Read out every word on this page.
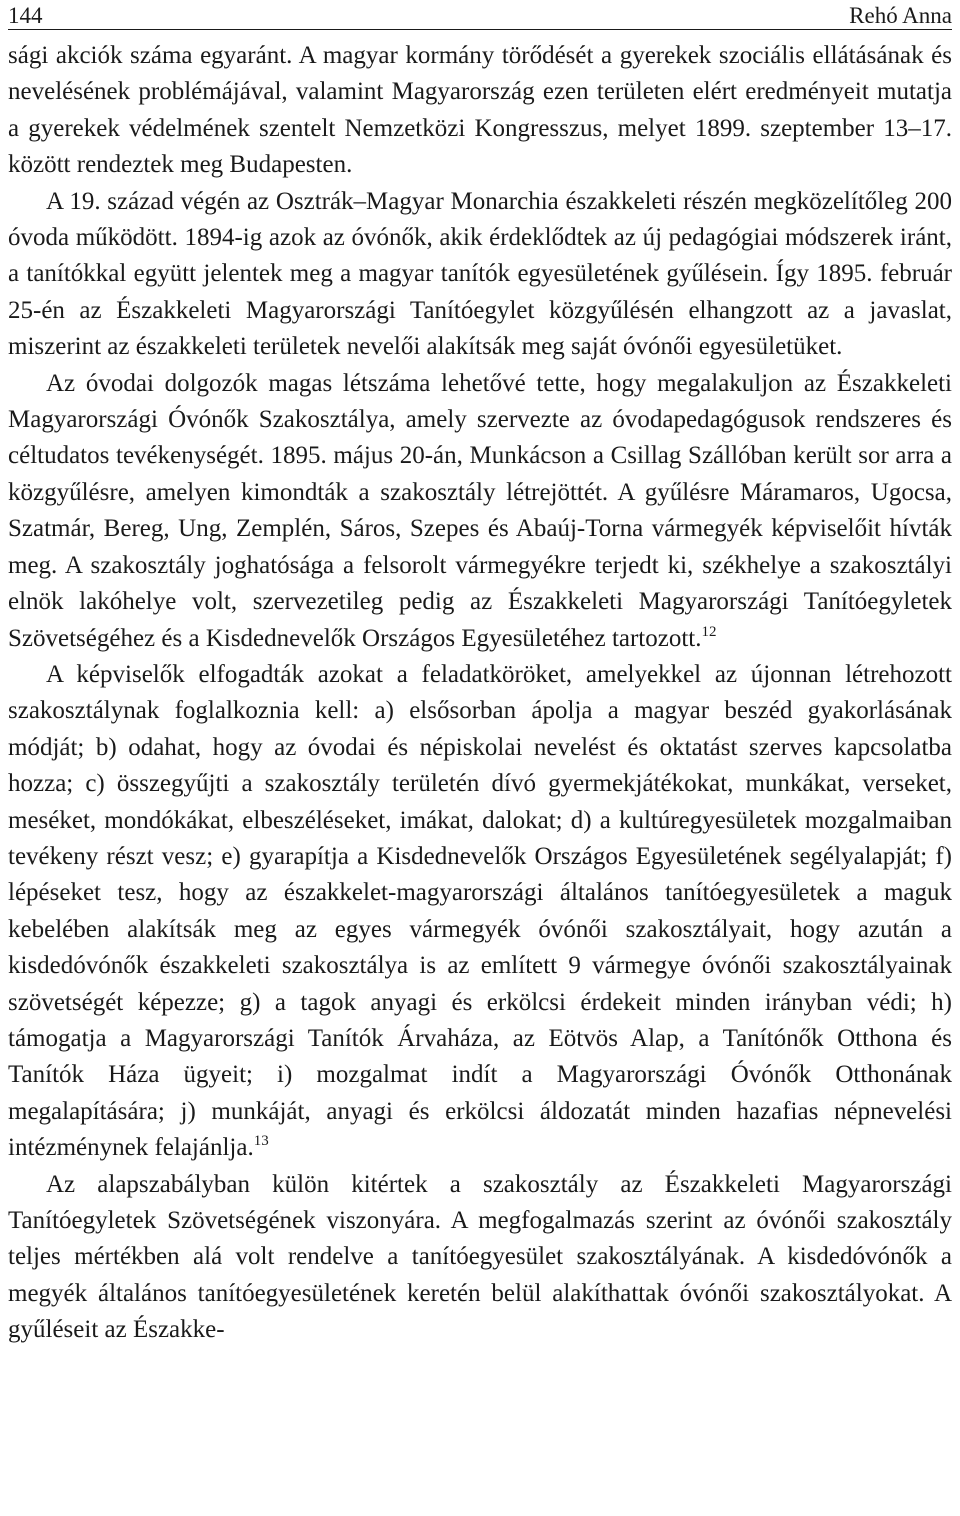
144	Rehó Anna

sági akciók száma egyaránt. A magyar kormány törődését a gyerekek szociális ellátásának és nevelésének problémájával, valamint Magyarország ezen területen elért eredményeit mutatja a gyerekek védelmének szentelt Nemzetközi Kongresszus, melyet 1899. szeptember 13–17. között rendeztek meg Budapesten.

A 19. század végén az Osztrák–Magyar Monarchia északkeleti részén megközelítőleg 200 óvoda működött. 1894-ig azok az óvónők, akik érdeklődtek az új pedagógiai módszerek iránt, a tanítókkal együtt jelentek meg a magyar tanítók egyesületének gyűlésein. Így 1895. február 25-én az Északkeleti Magyarországi Tanítóegylet közgyűlésén elhangzott az a javaslat, miszerint az északkeleti területek nevelői alakítsák meg saját óvónői egyesületüket.

Az óvodai dolgozók magas létszáma lehetővé tette, hogy megalakuljon az Északkeleti Magyarországi Óvónők Szakosztálya, amely szervezte az óvodapedagógusok rendszeres és céltudatos tevékenységét. 1895. május 20-án, Munkácson a Csillag Szállóban került sor arra a közgyűlésre, amelyen kimondták a szakosztály létrejöttét. A gyűlésre Máramaros, Ugocsa, Szatmár, Bereg, Ung, Zemplén, Sáros, Szepes és Abaúj-Torna vármegyék képviselőit hívták meg. A szakosztály joghatósága a felsorolt vármegyékre terjedt ki, székhelye a szakosztályi elnök lakóhelye volt, szervezetileg pedig az Északkeleti Magyarországi Tanítóegyletek Szövetségéhez és a Kisdednevelők Országos Egyesületéhez tartozott.$^{12}$

A képviselők elfogadták azokat a feladatköröket, amelyekkel az újonnan létrehozott szakosztálynak foglalkoznia kell: a) elsősorban ápolja a magyar beszéd gyakorlásának módját; b) odahat, hogy az óvodai és népiskolai nevelést és oktatást szerves kapcsolatba hozza; c) összegyűjti a szakosztály területén dívó gyermekjátékokat, munkákat, verseket, meséket, mondókákat, elbeszéléseket, imákat, dalokat; d) a kultúregyesületek mozgalmaiban tevékeny részt vesz; e) gyarapítja a Kisdednevelők Országos Egyesületének segélyalapját; f) lépéseket tesz, hogy az északkelet-magyarországi általános tanítóegyesületek a maguk kebelében alakítsák meg az egyes vármegyék óvónői szakosztályait, hogy azután a kisdedóvónők északkeleti szakosztálya is az említett 9 vármegye óvónői szakosztályainak szövetségét képezze; g) a tagok anyagi és erkölcsi érdekeit minden irányban védi; h) támogatja a Magyarországi Tanítók Árvaháza, az Eötvös Alap, a Tanítónők Otthona és Tanítók Háza ügyeit; i) mozgalmat indít a Magyarországi Óvónők Otthonának megalapítására; j) munkáját, anyagi és erkölcsi áldozatát minden hazafias népnevelési intézménynek felajánlja.$^{13}$

Az alapszabályban külön kitértek a szakosztály az Északkeleti Magyarországi Tanítóegyletek Szövetségének viszonyára. A megfogalmazás szerint az óvónői szakosztály teljes mértékben alá volt rendelve a tanítóegyesület szakosztályának. A kisdedóvónők a megyék általános tanítóegyesületének keretén belül alakíthattak óvónői szakosztályokat. A gyűléseit az Északke-
